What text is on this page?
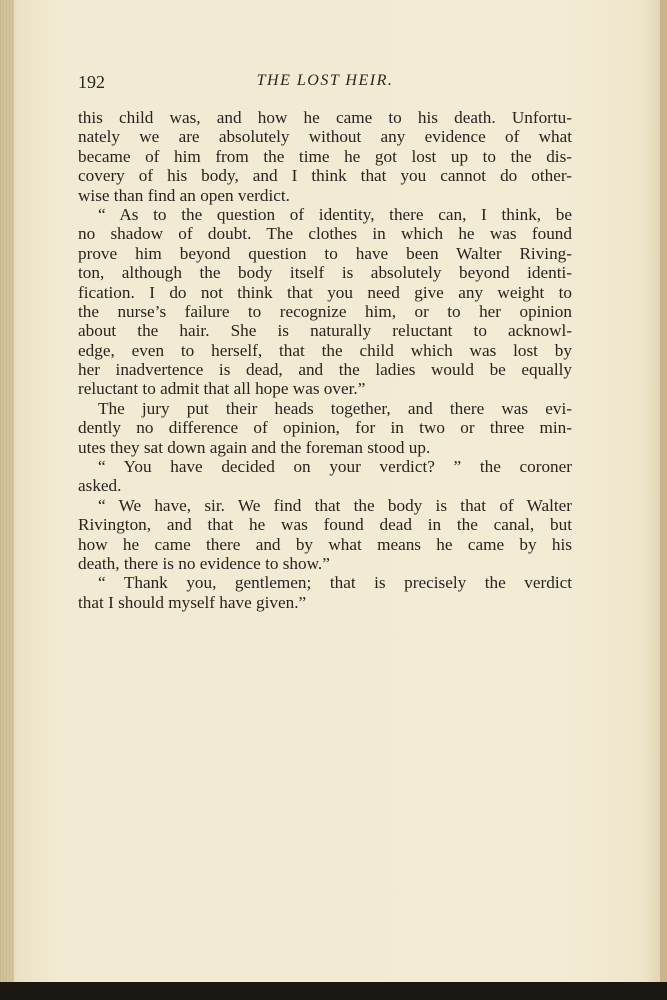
192	THE LOST HEIR.
this child was, and how he came to his death. Unfortu-
nately we are absolutely without any evidence of what
became of him from the time he got lost up to the dis-
covery of his body, and I think that you cannot do other-
wise than find an open verdict.
“ As to the question of identity, there can, I think, be
no shadow of doubt. The clothes in which he was found
prove him beyond question to have been Walter Riving-
ton, although the body itself is absolutely beyond identi-
fication. I do not think that you need give any weight to
the nurse’s failure to recognize him, or to her opinion
about the hair. She is naturally reluctant to acknowl-
edge, even to herself, that the child which was lost by
her inadvertence is dead, and the ladies would be equally
reluctant to admit that all hope was over.”
The jury put their heads together, and there was evi-
dently no difference of opinion, for in two or three min-
utes they sat down again and the foreman stood up.
“ You have decided on your verdict? ” the coroner
asked.
“ We have, sir. We find that the body is that of Walter
Rivington, and that he was found dead in the canal, but
how he came there and by what means he came by his
death, there is no evidence to show.”
“ Thank you, gentlemen; that is precisely the verdict
that I should myself have given.”
